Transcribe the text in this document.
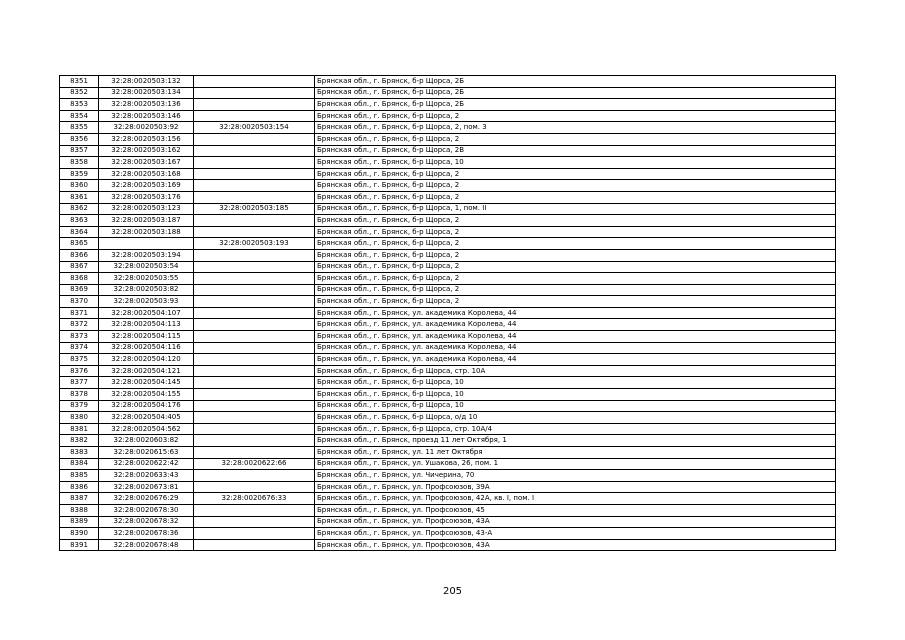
8351	32:28:0020503:132		Брянская обл., г. Брянск, б-р Щорса, 2Б
8352	32:28:0020503:134		Брянская обл., г. Брянск, б-р Щорса, 2Б
8353	32:28:0020503:136		Брянская обл., г. Брянск, б-р Щорса, 2Б
8354	32:28:0020503:146		Брянская обл., г. Брянск, б-р Щорса, 2
8355	32:28:0020503:92	32:28:0020503:154	Брянская обл., г. Брянск, б-р Щорса, 2, пом. 3
8356	32:28:0020503:156		Брянская обл., г. Брянск, б-р Щорса, 2
8357	32:28:0020503:162		Брянская обл., г. Брянск, б-р Щорса, 2В
8358	32:28:0020503:167		Брянская обл., г. Брянск, б-р Щорса, 10
8359	32:28:0020503:168		Брянская обл., г. Брянск, б-р Щорса, 2
8360	32:28:0020503:169		Брянская обл., г. Брянск, б-р Щорса, 2
8361	32:28:0020503:176		Брянская обл., г. Брянск, б-р Щорса, 2
8362	32:28:0020503:123	32:28:0020503:185	Брянская обл., г. Брянск, б-р Щорса, 1, пом. II
8363	32:28:0020503:187		Брянская обл., г. Брянск, б-р Щорса, 2
8364	32:28:0020503:188		Брянская обл., г. Брянск, б-р Щорса, 2
8365		32:28:0020503:193	Брянская обл., г. Брянск, б-р Щорса, 2
8366	32:28:0020503:194		Брянская обл., г. Брянск, б-р Щорса, 2
8367	32:28:0020503:54		Брянская обл., г. Брянск, б-р Щорса, 2
8368	32:28:0020503:55		Брянская обл., г. Брянск, б-р Щорса, 2
8369	32:28:0020503:82		Брянская обл., г. Брянск, б-р Щорса, 2
8370	32:28:0020503:93		Брянская обл., г. Брянск, б-р Щорса, 2
8371	32:28:0020504:107		Брянская обл., г. Брянск, ул. академика Королева, 44
8372	32:28:0020504:113		Брянская обл., г. Брянск, ул. академика Королева, 44
8373	32:28:0020504:115		Брянская обл., г. Брянск, ул. академика Королева, 44
8374	32:28:0020504:116		Брянская обл., г. Брянск, ул. академика Королева, 44
8375	32:28:0020504:120		Брянская обл., г. Брянск, ул. академика Королева, 44
8376	32:28:0020504:121		Брянская обл., г. Брянск, б-р Щорса, стр. 10А
8377	32:28:0020504:145		Брянская обл., г. Брянск, б-р Щорса, 10
8378	32:28:0020504:155		Брянская обл., г. Брянск, б-р Щорса, 10
8379	32:28:0020504:176		Брянская обл., г. Брянск, б-р Щорса, 10
8380	32:28:0020504:405		Брянская обл., г. Брянск, б-р Щорса, о/д 10
8381	32:28:0020504:562		Брянская обл., г. Брянск, б-р Щорса, стр. 10А/4
8382	32:28:0020603:82		Брянская обл., г. Брянск, проезд 11 лет Октября, 1
8383	32:28:0020615:63		Брянская обл., г. Брянск, ул. 11 лет Октября
8384	32:28:0020622:42	32:28:0020622:66	Брянская обл., г. Брянск, ул. Ушакова, 26, пом. 1
8385	32:28:0020633:43		Брянская обл., г. Брянск, ул. Чичерина, 70
8386	32:28:0020673:81		Брянская обл., г. Брянск, ул. Профсоюзов, 39А
8387	32:28:0020676:29	32:28:0020676:33	Брянская обл., г. Брянск, ул. Профсоюзов, 42А, кв. I, пом. I
8388	32:28:0020678:30		Брянская обл., г. Брянск, ул. Профсоюзов, 45
8389	32:28:0020678:32		Брянская обл., г. Брянск, ул. Профсоюзов, 43А
8390	32:28:0020678:36		Брянская обл., г. Брянск, ул. Профсоюзов, 43-А
8391	32:28:0020678:48		Брянская обл., г. Брянск, ул. Профсоюзов, 43А
205
